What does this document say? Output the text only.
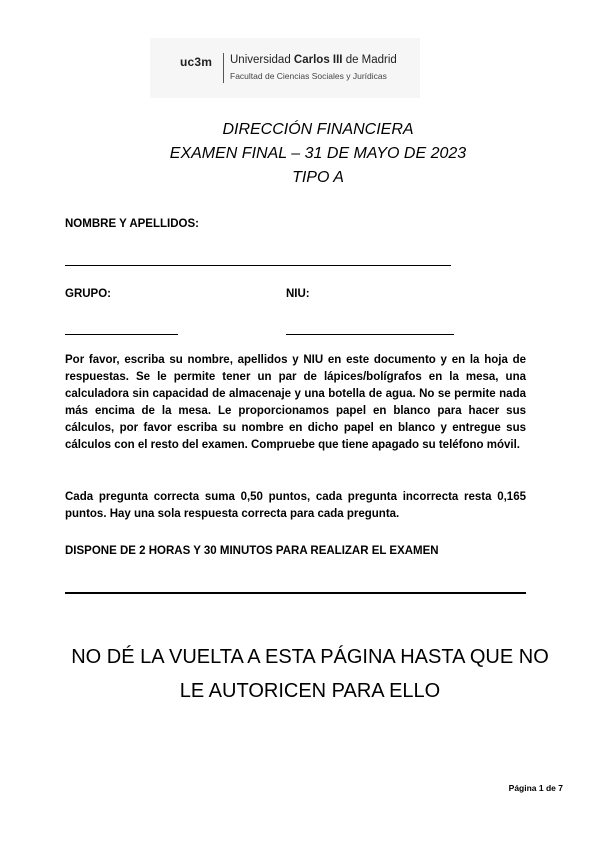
uc3m Universidad Carlos III de Madrid
Facultad de Ciencias Sociales y Jurídicas
DIRECCIÓN FINANCIERA
EXAMEN FINAL – 31 DE MAYO DE 2023
TIPO A
NOMBRE Y APELLIDOS:
GRUPO:	NIU:
Por favor, escriba su nombre, apellidos y NIU en este documento y en la hoja de respuestas. Se le permite tener un par de lápices/bolígrafos en la mesa, una calculadora sin capacidad de almacenaje y una botella de agua. No se permite nada más encima de la mesa. Le proporcionamos papel en blanco para hacer sus cálculos, por favor escriba su nombre en dicho papel en blanco y entregue sus cálculos con el resto del examen. Compruebe que tiene apagado su teléfono móvil.
Cada pregunta correcta suma 0,50 puntos, cada pregunta incorrecta resta 0,165 puntos. Hay una sola respuesta correcta para cada pregunta.
DISPONE DE 2 HORAS Y 30 MINUTOS PARA REALIZAR EL EXAMEN
NO DÉ LA VUELTA A ESTA PÁGINA HASTA QUE NO
LE AUTORICEN PARA ELLO
Página 1 de 7
